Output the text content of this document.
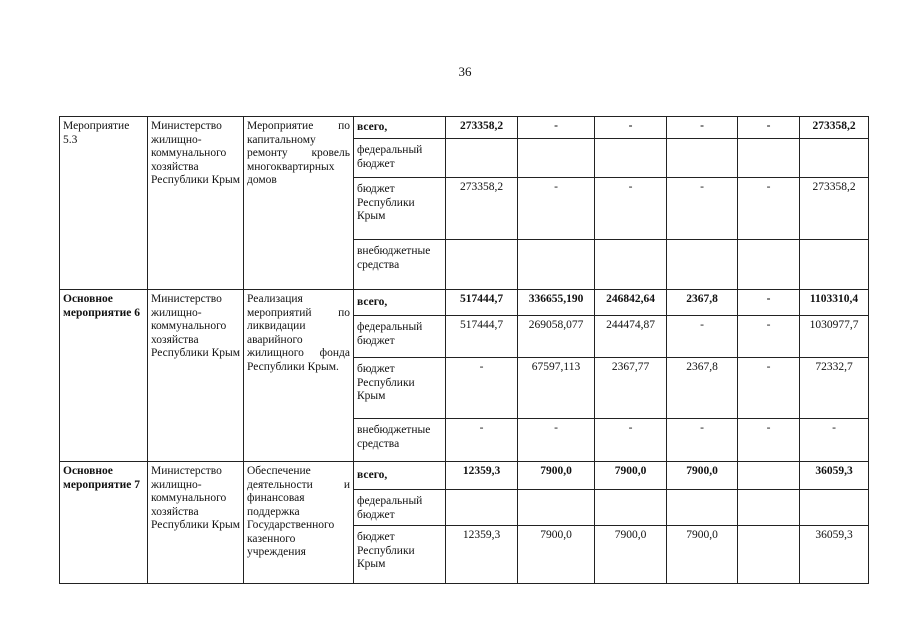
36
Мероприятие 5.3	Министерство жилищно-коммунального хозяйства Республики Крым	Мероприятие по капитальному ремонту кровель многоквартирных домов	всего,	273358,2	-	-	-	-	273358,2
			федеральный бюджет						
			бюджет Республики Крым	273358,2	-	-	-	-	273358,2
			внебюджетные средства						
Основное мероприятие 6	Министерство жилищно-коммунального хозяйства Республики Крым	Реализация мероприятий по ликвидации аварийного жилищного фонда Республики Крым.	всего,	517444,7	336655,190	246842,64	2367,8	-	1103310,4
			федеральный бюджет	517444,7	269058,077	244474,87	-	-	1030977,7
			бюджет Республики Крым	-	67597,113	2367,77	2367,8	-	72332,7
			внебюджетные средства	-	-	-	-	-	-
Основное мероприятие 7	Министерство жилищно-коммунального хозяйства Республики Крым	Обеспечение деятельности и финансовая поддержка Государственного казенного учреждения	всего,	12359,3	7900,0	7900,0	7900,0		36059,3
			федеральный бюджет						
			бюджет Республики Крым	12359,3	7900,0	7900,0	7900,0		36059,3
